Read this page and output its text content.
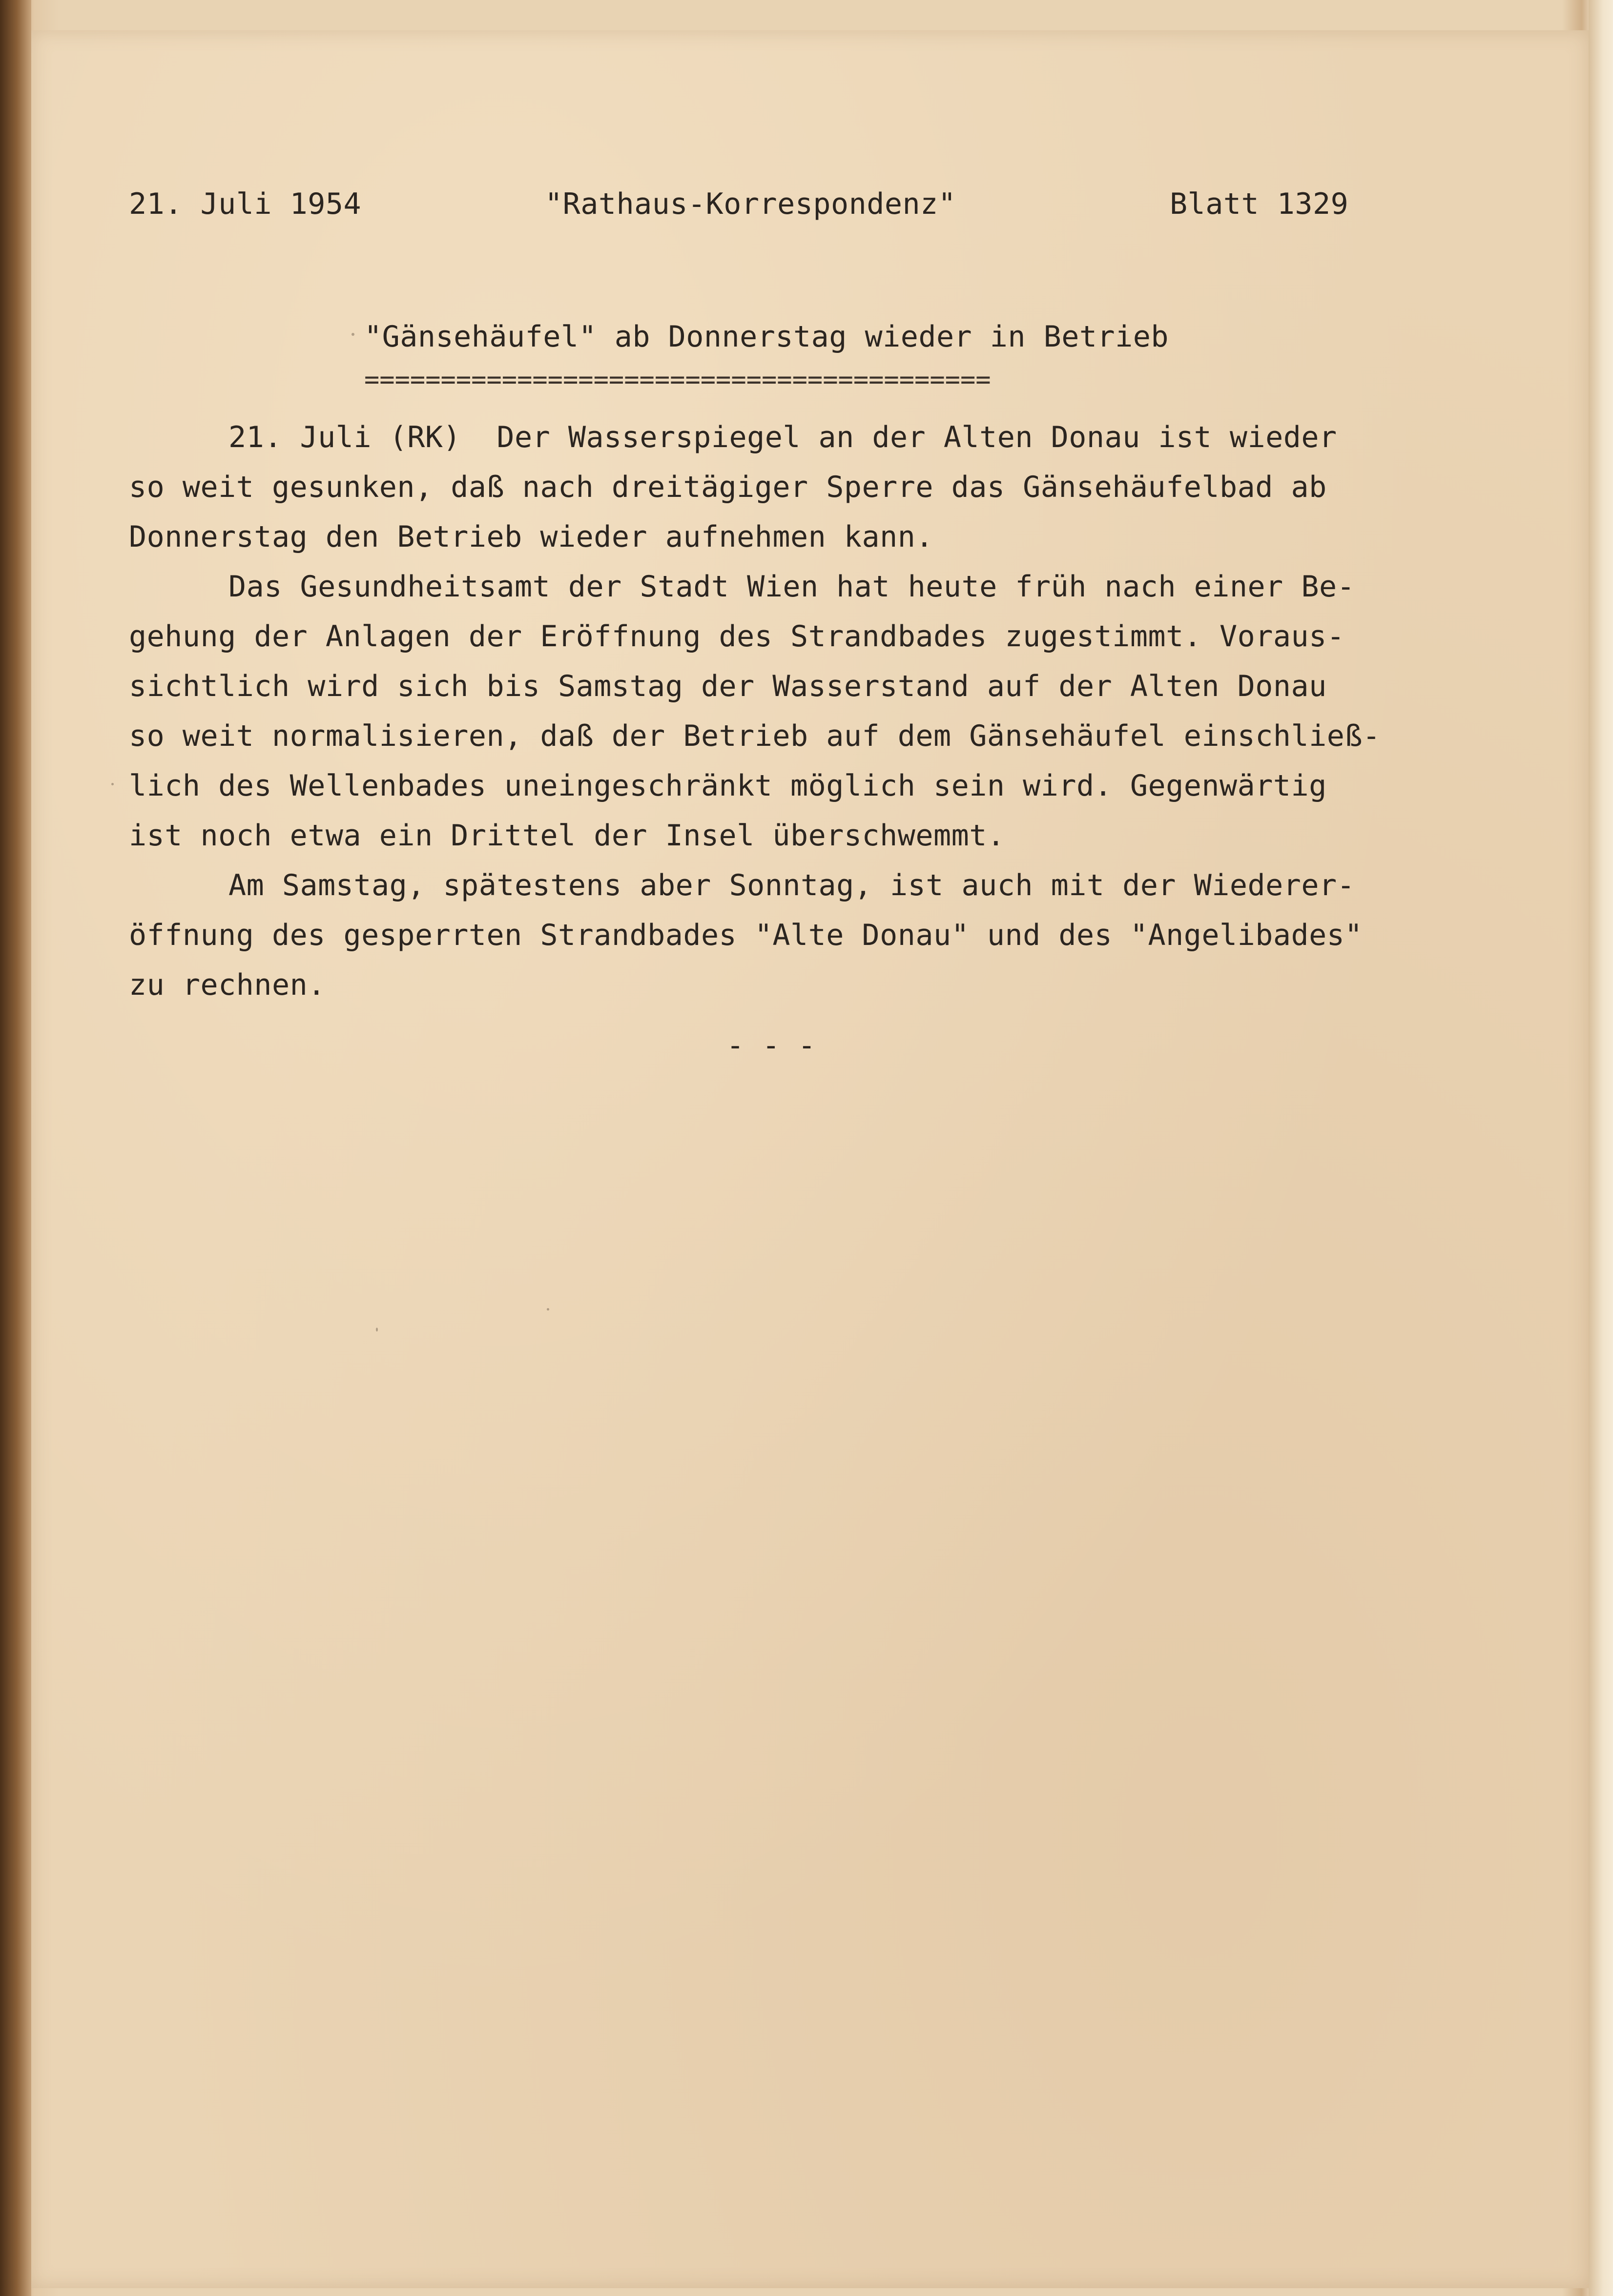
21. Juli 1954	"Rathaus-Korrespondenz"	Blatt 1329
"Gänsehäufel" ab Donnerstag wieder in Betrieb
=========================================
21. Juli (RK)  Der Wasserspiegel an der Alten Donau ist wieder
so weit gesunken, daß nach dreitägiger Sperre das Gänsehäufelbad ab
Donnerstag den Betrieb wieder aufnehmen kann.
Das Gesundheitsamt der Stadt Wien hat heute früh nach einer Be-
gehung der Anlagen der Eröffnung des Strandbades zugestimmt. Voraus-
sichtlich wird sich bis Samstag der Wasserstand auf der Alten Donau
so weit normalisieren, daß der Betrieb auf dem Gänsehäufel einschließ-
lich des Wellenbades uneingeschränkt möglich sein wird. Gegenwärtig
ist noch etwa ein Drittel der Insel überschwemmt.
Am Samstag, spätestens aber Sonntag, ist auch mit der Wiederer-
öffnung des gesperrten Strandbades "Alte Donau" und des "Angelibades"
zu rechnen.
- - -
